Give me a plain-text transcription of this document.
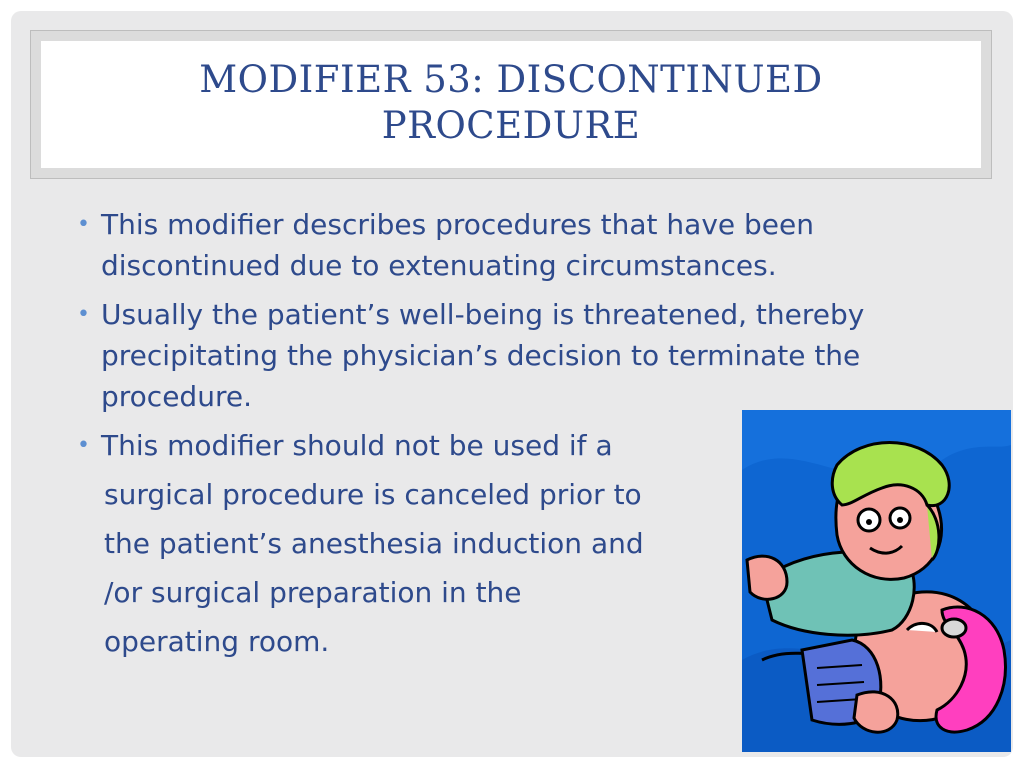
MODIFIER 53: DISCONTINUED
PROCEDURE
• This modifier describes procedures that have been discontinued due to extenuating circumstances.
• Usually the patient’s well-being is threatened, thereby precipitating the physician’s decision to terminate the procedure.
• This modifier should not be used if a
surgical procedure is canceled prior to
the patient’s anesthesia induction and
/or surgical preparation in the
operating room.
